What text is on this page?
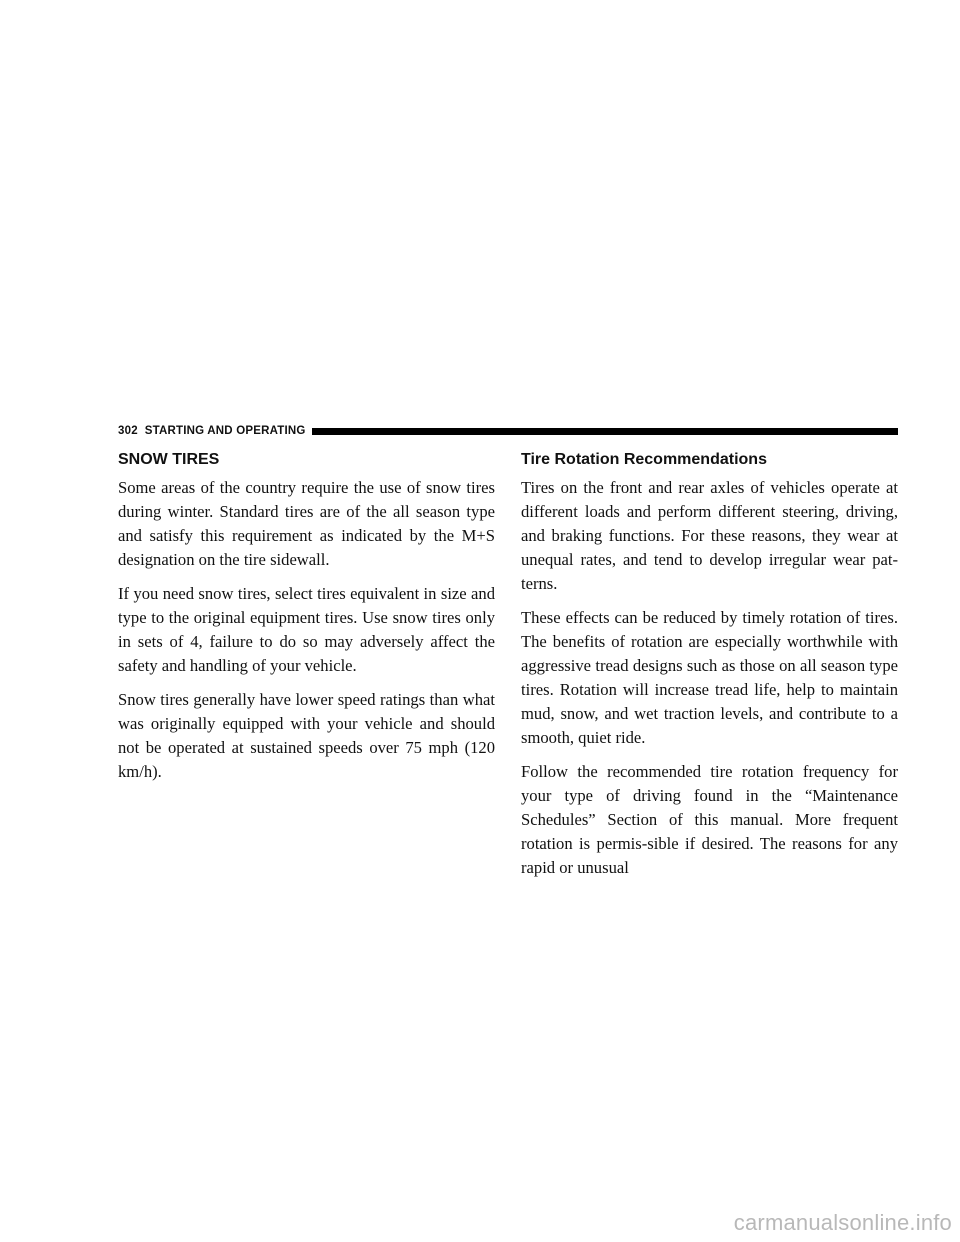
302 STARTING AND OPERATING
SNOW TIRES

Some areas of the country require the use of snow tires during winter. Standard tires are of the all season type and satisfy this requirement as indicated by the M+S designation on the tire sidewall.

If you need snow tires, select tires equivalent in size and type to the original equipment tires. Use snow tires only in sets of 4, failure to do so may adversely affect the safety and handling of your vehicle.

Snow tires generally have lower speed ratings than what was originally equipped with your vehicle and should not be operated at sustained speeds over 75 mph (120 km/h).

Tire Rotation Recommendations

Tires on the front and rear axles of vehicles operate at different loads and perform different steering, driving, and braking functions. For these reasons, they wear at unequal rates, and tend to develop irregular wear pat-terns.

These effects can be reduced by timely rotation of tires. The benefits of rotation are especially worthwhile with aggressive tread designs such as those on all season type tires. Rotation will increase tread life, help to maintain mud, snow, and wet traction levels, and contribute to a smooth, quiet ride.

Follow the recommended tire rotation frequency for your type of driving found in the “Maintenance Schedules” Section of this manual. More frequent rotation is permis-sible if desired. The reasons for any rapid or unusual

carmanualsonline.info
